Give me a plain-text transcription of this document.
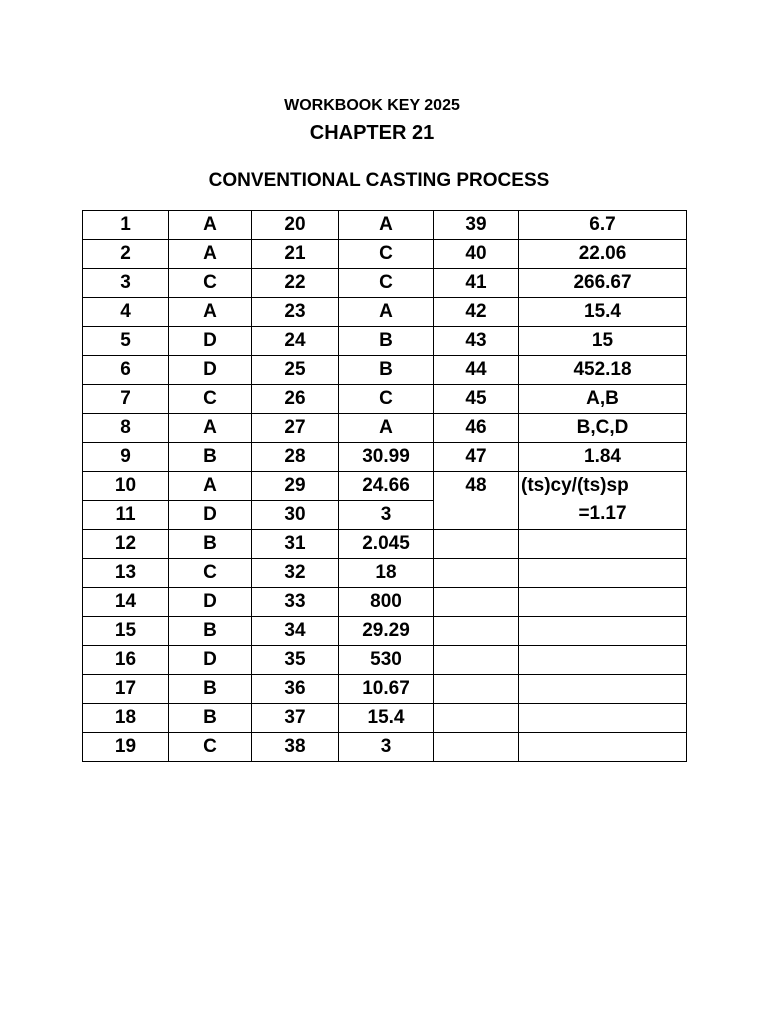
WORKBOOK KEY 2025
CHAPTER 21
CONVENTIONAL CASTING PROCESS
1	A	20	A	39	6.7
2	A	21	C	40	22.06
3	C	22	C	41	266.67
4	A	23	A	42	15.4
5	D	24	B	43	15
6	D	25	B	44	452.18
7	C	26	C	45	A,B
8	A	27	A	46	B,C,D
9	B	28	30.99	47	1.84
10	A	29	24.66	48	(ts)cy/(ts)sp
=1.17

11	D	30	3		
12	B	31	2.045		
13	C	32	18		
14	D	33	800		
15	B	34	29.29		
16	D	35	530		
17	B	36	10.67		
18	B	37	15.4		
19	C	38	3		
